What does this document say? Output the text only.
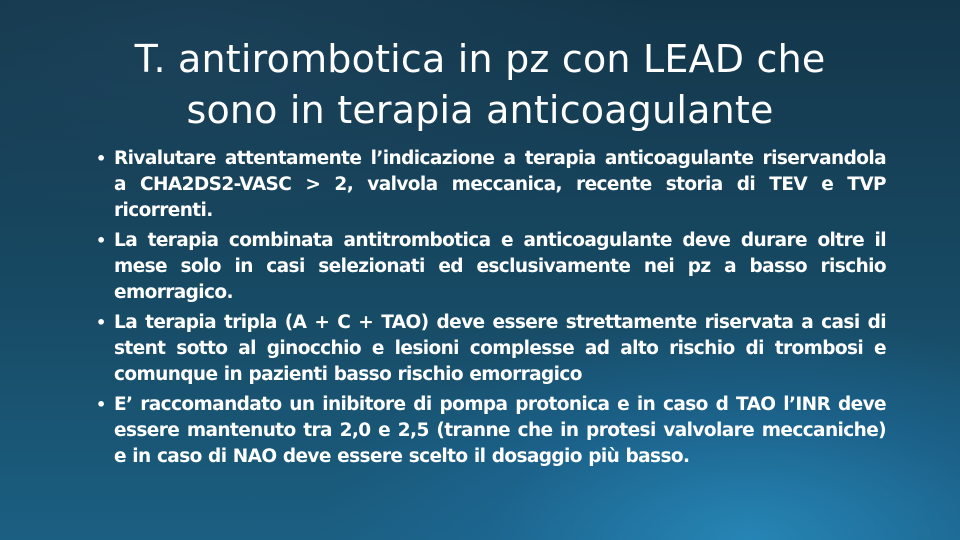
T. antirombotica in pz con LEAD che
sono in terapia anticoagulante
• Rivalutare attentamente l’indicazione a terapia anticoagulante riservandola a CHA2DS2-VASC > 2, valvola meccanica, recente storia di TEV e TVP ricorrenti.
• La terapia combinata antitrombotica e anticoagulante deve durare oltre il mese solo in casi selezionati ed esclusivamente nei pz a basso rischio emorragico.
• La terapia tripla (A + C + TAO) deve essere strettamente riservata a casi di stent sotto al ginocchio e lesioni complesse ad alto rischio di trombosi e comunque in pazienti basso rischio emorragico
• E’ raccomandato un inibitore di pompa protonica e in caso d TAO l’INR deve essere mantenuto tra 2,0 e 2,5 (tranne che in protesi valvolare meccaniche) e in caso di NAO deve essere scelto il dosaggio più basso.
